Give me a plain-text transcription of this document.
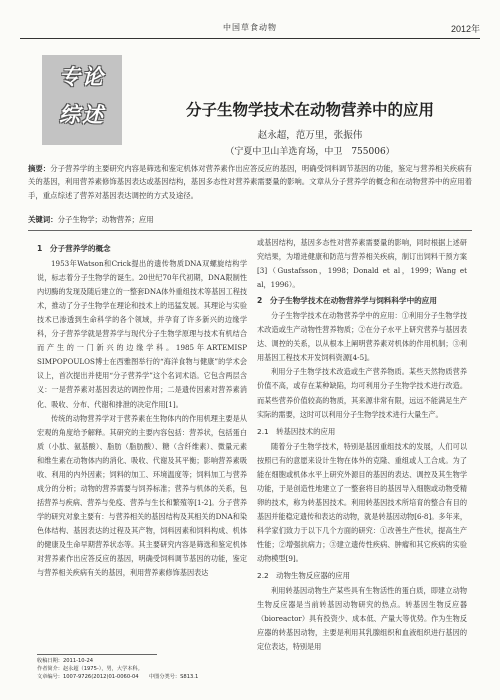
中国草食动物	2012年
专论
综述	分子生物学技术在动物营养中的应用
赵永超，范万里，张振伟
（宁夏中卫山羊选育场，中卫　755006）
摘要：分子营养学的主要研究内容是筛选和鉴定机体对营养素作出应答反应的基因，明确受饲料调节基因的功能，鉴定与营养相关疾病有关的基因，利用营养素修饰基因表达或基因结构，基因多态性对营养素需要量的影响。文章从分子营养学的概念和在动物营养中的应用着手，重点综述了营养对基因表达调控的方式及途径。
关键词：分子生物学；动物营养；应用
1　分子营养学的概念

1953年Watson和Crick提出的遗传物质DNA双螺旋结构学说，标志着分子生物学的诞生。20世纪70年代初期，DNA限制性内切酶的发现及随后建立的一整套DNA体外重组技术等基因工程技术，推动了分子生物学在理论和技术上的迅猛发展。其理论与实验技术已渗透到生命科学的各个领域，并孕育了许多新兴的边缘学科，分子营养学就是营养学与现代分子生物学原理与技术有机结合而产生的一门新兴的边缘学科。1985年ARTEMISP SIMPOPOULOS博士在西雅图举行的“海洋食物与健康”的学术会议上，首次提出并使用“分子营养学”这个名词术语。它包含两层含义：一是营养素对基因表达的调控作用；二是遗传因素对营养素消化、吸收、分布、代谢和排泄的决定作用[1]。

传统的动物营养学对于营养素在生物体内的作用机理主要是从宏观的角度给予解释。其研究的主要内容包括：营养状，包括蛋白质（小肽、氨基酸）、脂肪（脂肪酸）、糖（含纤维素）、微量元素和维生素在动物体内的消化、吸收、代谢及其平衡；影响营养素吸收、利用的内外因素；饲料的加工、环境温度等；饲料加工与营养成分的分析；动物的营养需要与饲养标准；营养与机体的关系，包括营养与疾病、营养与免疫、营养与生长和繁殖等[1-2]。分子营养学的研究对象主要有：与营养相关的基因结构及其相关的DNA和染色体结构、基因表达的过程及其产物，饲料因素和饲料构成、机体的健康及生命早期营养状态等。其主要研究内容是筛选和鉴定机体对营养素作出应答反应的基因，明确受饲料调节基因的功能，鉴定与营养相关疾病有关的基因，利用营养素修饰基因表达

或基因结构，基因多态性对营养素需要量的影响，同时根据上述研究结果，为增进健康和防范与营养相关疾病，制订出饲料干预方案[3]（Gustafsson，1998；Donald et al，1999；Wang et al，1996）。

2　分子生物学技术在动物营养学与饲料科学中的应用

分子生物学技术在动物营养学中的应用：①利用分子生物学技术改造或生产动物性营养物质；②在分子水平上研究营养与基因表达、调控的关系，以从根本上阐明营养素对机体的作用机制；③利用基因工程技术开发饲料资源[4-5]。

利用分子生物学技术改造或生产营养物质。某些天然物质营养价值不高，或存在某种缺陷，均可利用分子生物学技术进行改造。而某些营养价值较高的物质，其来源非常有限，远远不能满足生产实际的需要，这时可以利用分子生物学技术进行大量生产。

2.1　转基因技术的应用

随着分子生物学技术，特别是基因重组技术的发展，人们可以按照已有的意愿来设计生物在体外的克隆、重组或人工合成。为了能在细胞或机体水平上研究外源目的基因的表达、调控及其生物学功能，于是创造性地建立了一整套将目的基因导入细胞或动物受精卵的技术，称为转基因技术。利用转基因技术所培育的整合有目的基因并能稳定遗传和表达的动物，就是转基因动物[6-8]。多年来，科学家们致力于以下几个方面的研究：①改善生产性状，提高生产性能；②增强抗病力；③建立遗传性疾病、肿瘤和其它疾病的实验动物模型[9]。

2.2　动物生物反应器的应用

利用转基因动物生产某些具有生物活性的蛋白质，即建立动物生物反应器是当前转基因动物研究的热点。转基因生物反应器（bioreactor）具有投资少、成本低、产量大等优势。作为生物反应器的转基因动物，主要是利用其乳腺组织和血液组织进行基因的定位表达，特别是用

收稿日期：2011-10-24
作者简介：赵永超（1975-），男，大学本科。
文章编号：1007-9726(2012)01-0060-04　　中图分类号：S813.1
